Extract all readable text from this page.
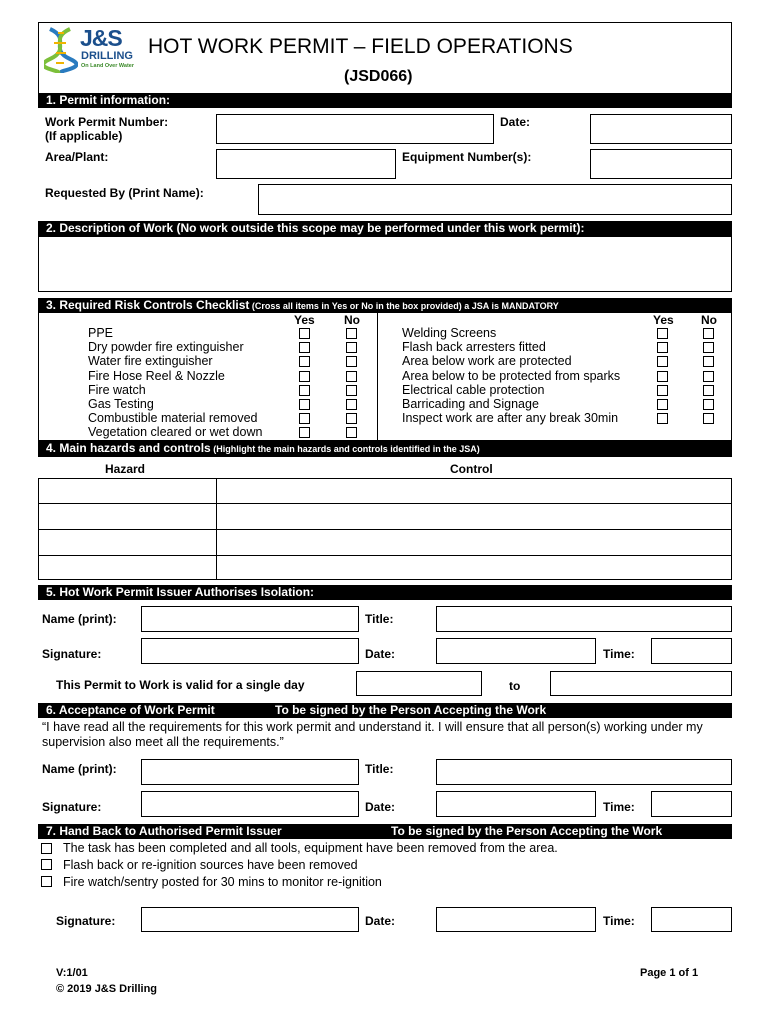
J&S
DRILLING
On Land Over Water
HOT WORK PERMIT – FIELD OPERATIONS
(JSD066)
1. Permit information:
Work Permit Number:
(If applicable)
Date:
Area/Plant:	Equipment Number(s):
Requested By (Print Name):
2. Description of Work (No work outside this scope may be performed under this work permit):
3. Required Risk Controls Checklist (Cross all items in Yes or No in the box provided) a JSA is MANDATORY
Yes No	Yes No
PPE
Dry powder fire extinguisher
Water fire extinguisher
Fire Hose Reel & Nozzle
Fire watch
Gas Testing
Combustible material removed
Vegetation cleared or wet down
Welding Screens
Flash back arresters fitted
Area below work are protected
Area below to be protected from sparks
Electrical cable protection
Barricading and Signage
Inspect work are after any break 30min
4. Main hazards and controls (Highlight the main hazards and controls identified in the JSA)
Hazard	Control
5. Hot Work Permit Issuer Authorises Isolation:
Name (print):	Title:
Signature:	Date:	Time:
This Permit to Work is valid for a single day	to
6. Acceptance of Work Permit	To be signed by the Person Accepting the Work
“I have read all the requirements for this work permit and understand it. I will ensure that all person(s) working under my
supervision also meet all the requirements.”
Name (print):	Title:
Signature:	Date:	Time:
7. Hand Back to Authorised Permit Issuer	To be signed by the Person Accepting the Work
The task has been completed and all tools, equipment have been removed from the area.
Flash back or re-ignition sources have been removed
Fire watch/sentry posted for 30 mins to monitor re-ignition
Signature:	Date:	Time:
V:1/01
© 2019 J&S Drilling
Page 1 of 1
